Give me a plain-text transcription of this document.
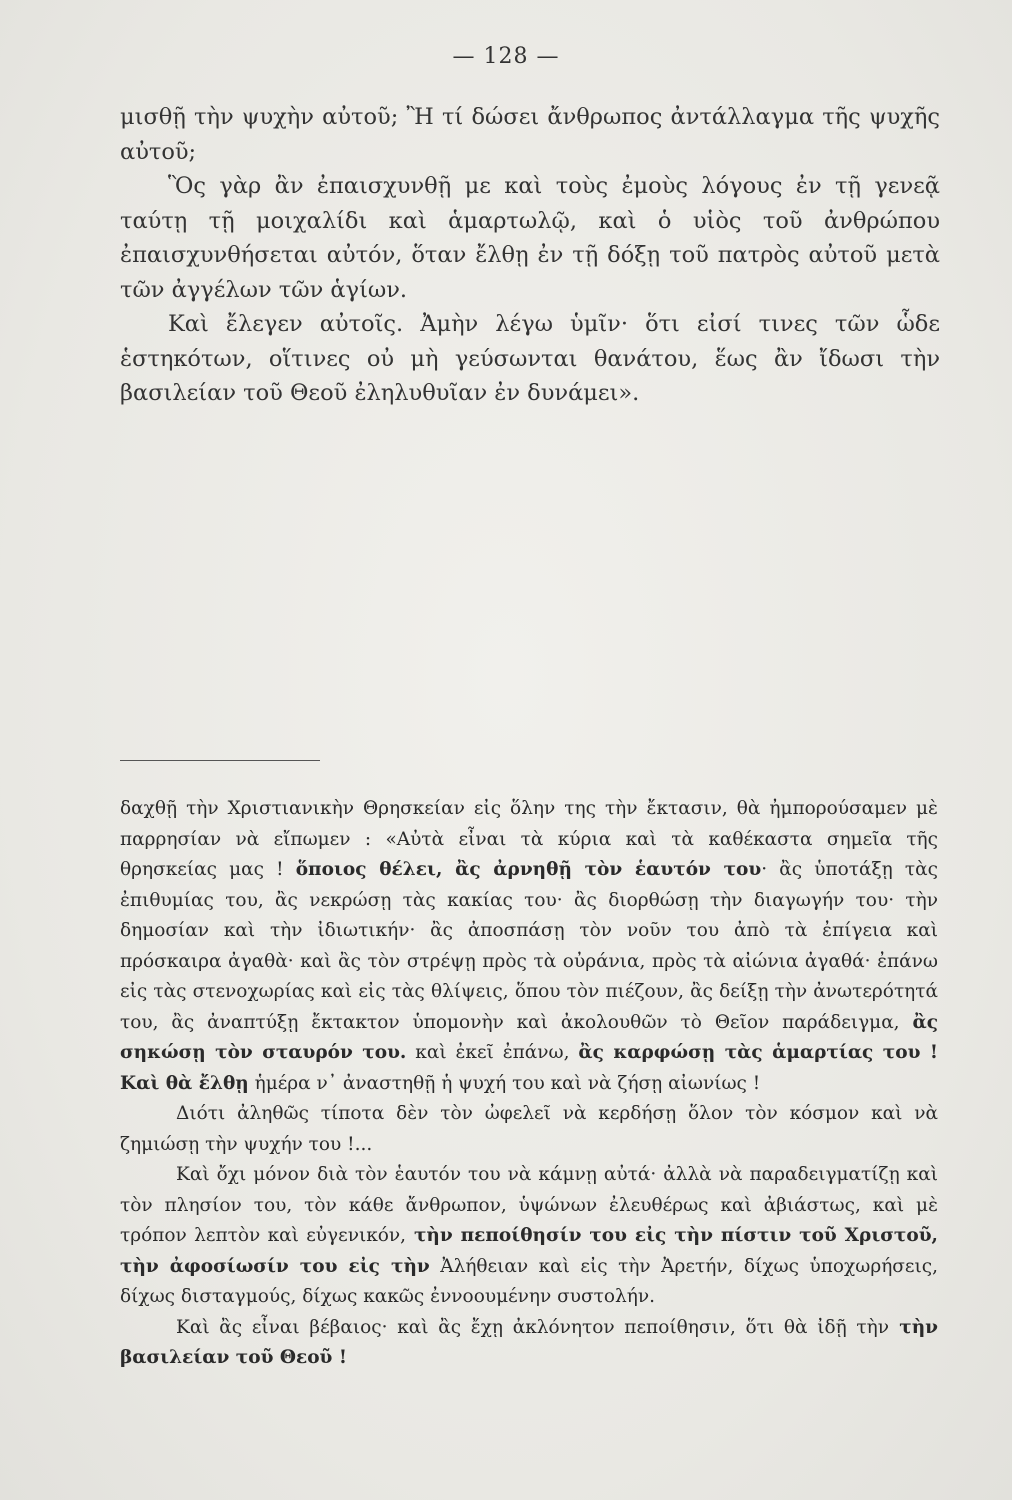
— 128 —

μισθῇ τὴν ψυχὴν αὐτοῦ; Ἢ τί δώσει ἄνθρωπος ἀντάλλαγμα τῆς ψυχῆς αὐτοῦ;

Ὃς γὰρ ἂν ἐπαισχυνθῇ με καὶ τοὺς ἐμοὺς λόγους ἐν τῇ γενεᾷ ταύτῃ τῇ μοιχαλίδι καὶ ἁμαρτωλῷ, καὶ ὁ υἱὸς τοῦ ἀνθρώπου ἐπαισχυνθήσεται αὐτόν, ὅταν ἔλθῃ ἐν τῇ δόξῃ τοῦ πατρὸς αὐτοῦ μετὰ τῶν ἀγγέλων τῶν ἁγίων.

Καὶ ἔλεγεν αὐτοῖς. Ἀμὴν λέγω ὑμῖν· ὅτι εἰσί τινες τῶν ὧδε ἑστηκότων, οἵτινες οὐ μὴ γεύσωνται θανάτου, ἕως ἂν ἴδωσι τὴν βασιλείαν τοῦ Θεοῦ ἐληλυθυῖαν ἐν δυνάμει».

δαχθῇ τὴν Χριστιανικὴν Θρησκείαν εἰς ὅλην της τὴν ἔκτασιν, θὰ ἠμπορούσαμεν μὲ παρρησίαν νὰ εἴπωμεν : «Αὐτὰ εἶναι τὰ κύρια καὶ τὰ καθέκαστα σημεῖα τῆς θρησκείας μας ! ὅποιος θέλει, ἂς ἀρνηθῇ τὸν ἑαυτόν του· ἂς ὑποτάξῃ τὰς ἐπιθυμίας του, ἂς νεκρώσῃ τὰς κακίας του· ἂς διορθώσῃ τὴν διαγωγήν του· τὴν δημοσίαν καὶ τὴν ἰδιωτικήν· ἂς ἀποσπάσῃ τὸν νοῦν του ἀπὸ τὰ ἐπίγεια καὶ πρόσκαιρα ἀγαθὰ· καὶ ἂς τὸν στρέψῃ πρὸς τὰ οὐράνια, πρὸς τὰ αἰώνια ἀγαθά· ἐπάνω εἰς τὰς στενοχωρίας καὶ εἰς τὰς θλίψεις, ὅπου τὸν πιέζουν, ἂς δείξῃ τὴν ἀνωτερότητά του, ἂς ἀναπτύξῃ ἔκτακτον ὑπομονὴν καὶ ἀκολουθῶν τὸ Θεῖον παράδειγμα, ἂς σηκώσῃ τὸν σταυρόν του. καὶ ἐκεῖ ἐπάνω, ἂς καρφώσῃ τὰς ἁμαρτίας του ! Καὶ θὰ ἔλθῃ ἡμέρα ν᾽ ἀναστηθῇ ἡ ψυχή του καὶ νὰ ζήσῃ αἰωνίως !

Διότι ἀληθῶς τίποτα δὲν τὸν ὠφελεῖ νὰ κερδήσῃ ὅλον τὸν κόσμον καὶ νὰ ζημιώσῃ τὴν ψυχήν του !...

Καὶ ὄχι μόνον διὰ τὸν ἑαυτόν του νὰ κάμνῃ αὐτά· ἀλλὰ νὰ παραδειγματίζῃ καὶ τὸν πλησίον του, τὸν κάθε ἄνθρωπον, ὑψώνων ἐλευθέρως καὶ ἀβιάστως, καὶ μὲ τρόπον λεπτὸν καὶ εὐγενικόν, τὴν πεποίθησίν του εἰς τὴν πίστιν τοῦ Χριστοῦ, τὴν ἀφοσίωσίν του εἰς τὴν Ἀλήθειαν καὶ εἰς τὴν Ἀρετήν, δίχως ὑποχωρήσεις, δίχως δισταγμούς, δίχως κακῶς ἐννοουμένην συστολήν.

Καὶ ἂς εἶναι βέβαιος· καὶ ἂς ἔχῃ ἀκλόνητον πεποίθησιν, ὅτι θὰ ἰδῇ τὴν τὴν βασιλείαν τοῦ Θεοῦ !
